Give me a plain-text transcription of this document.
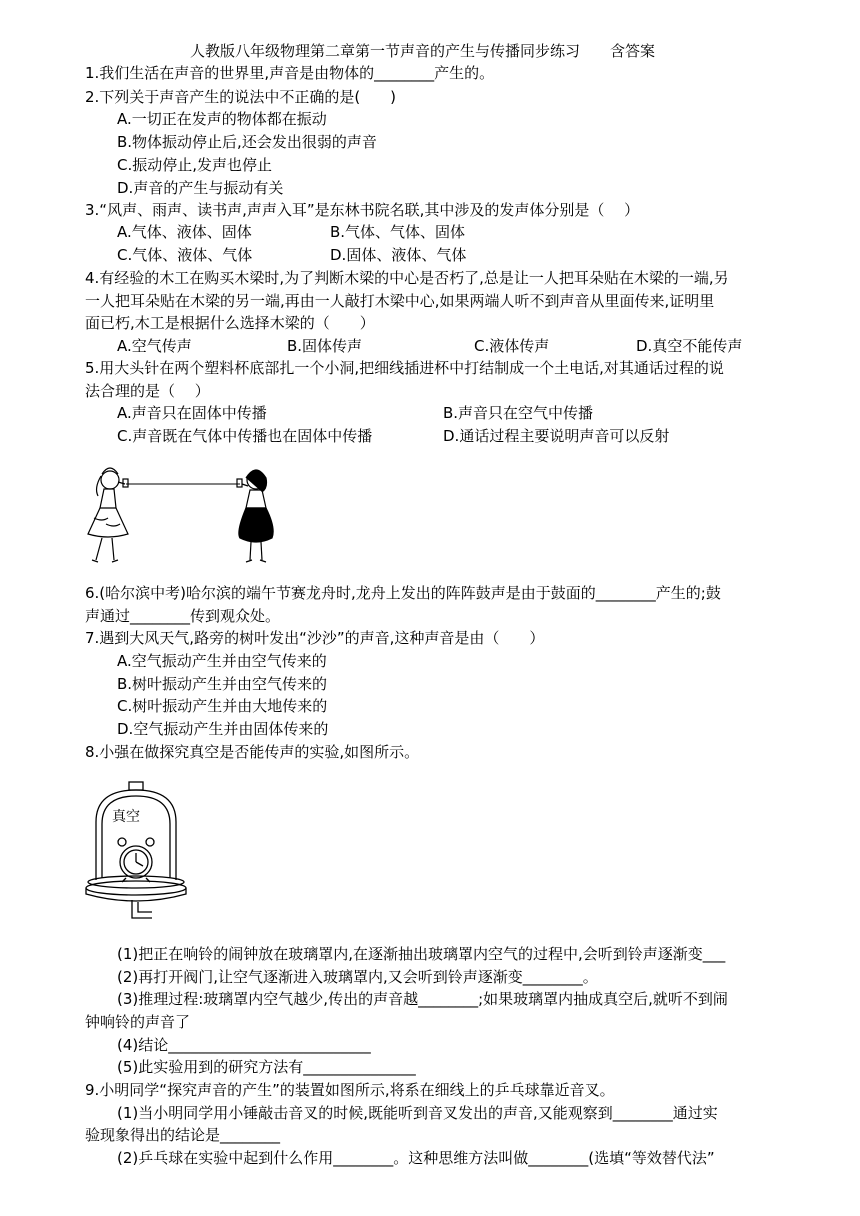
人教版八年级物理第二章第一节声音的产生与传播同步练习　　含答案
1.我们生活在声音的世界里,声音是由物体的________产生的。
2.下列关于声音产生的说法中不正确的是(　　)
A.一切正在发声的物体都在振动
B.物体振动停止后,还会发出很弱的声音
C.振动停止,发声也停止
D.声音的产生与振动有关
3.“风声、雨声、读书声,声声入耳”是东林书院名联,其中涉及的发声体分别是（　 ）
A.气体、液体、固体	B.气体、气体、固体
C.气体、液体、气体	D.固体、液体、气体
4.有经验的木工在购买木梁时,为了判断木梁的中心是否朽了,总是让一人把耳朵贴在木梁的一端,另
一人把耳朵贴在木梁的另一端,再由一人敲打木梁中心,如果两端人听不到声音从里面传来,证明里
面已朽,木工是根据什么选择木梁的（　　）
A.空气传声	B.固体传声	C.液体传声	D.真空不能传声
5.用大头针在两个塑料杯底部扎一个小洞,把细线插进杯中打结制成一个土电话,对其通话过程的说
法合理的是（　 ）
A.声音只在固体中传播	B.声音只在空气中传播
C.声音既在气体中传播也在固体中传播	D.通话过程主要说明声音可以反射
6.(哈尔滨中考)哈尔滨的端午节赛龙舟时,龙舟上发出的阵阵鼓声是由于鼓面的________产生的;鼓
声通过________传到观众处。
7.遇到大风天气,路旁的树叶发出“沙沙”的声音,这种声音是由（　　）
A.空气振动产生并由空气传来的
B.树叶振动产生并由空气传来的
C.树叶振动产生并由大地传来的
D.空气振动产生并由固体传来的
8.小强在做探究真空是否能传声的实验,如图所示。
真空
(1)把正在响铃的闹钟放在玻璃罩内,在逐渐抽出玻璃罩内空气的过程中,会听到铃声逐渐变___
(2)再打开阀门,让空气逐渐进入玻璃罩内,又会听到铃声逐渐变________。
(3)推理过程:玻璃罩内空气越少,传出的声音越________;如果玻璃罩内抽成真空后,就听不到闹
钟响铃的声音了
(4)结论___________________________
(5)此实验用到的研究方法有_______________
9.小明同学“探究声音的产生”的装置如图所示,将系在细线上的乒乓球靠近音叉。
(1)当小明同学用小锤敲击音叉的时候,既能听到音叉发出的声音,又能观察到________通过实
验现象得出的结论是________
(2)乒乓球在实验中起到什么作用________。这种思维方法叫做________(选填“等效替代法”
